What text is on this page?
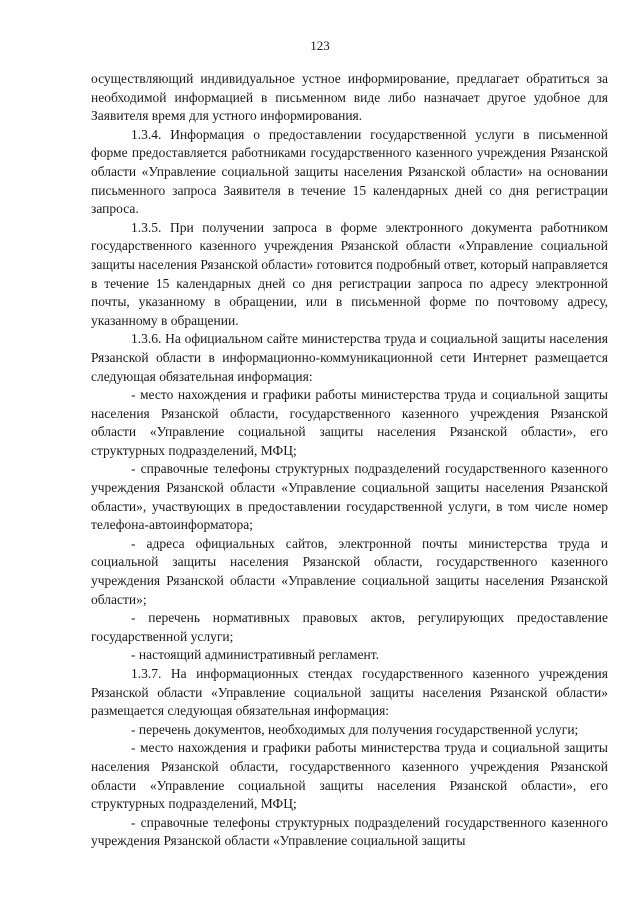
123

осуществляющий индивидуальное устное информирование, предлагает обратиться за необходимой информацией в письменном виде либо назначает другое удобное для Заявителя время для устного информирования.

1.3.4. Информация о предоставлении государственной услуги в письменной форме предоставляется работниками государственного казенного учреждения Рязанской области «Управление социальной защиты населения Рязанской области» на основании письменного запроса Заявителя в течение 15 календарных дней со дня регистрации запроса.

1.3.5. При получении запроса в форме электронного документа работником государственного казенного учреждения Рязанской области «Управление социальной защиты населения Рязанской области» готовится подробный ответ, который направляется в течение 15 календарных дней со дня регистрации запроса по адресу электронной почты, указанному в обращении, или в письменной форме по почтовому адресу, указанному в обращении.

1.3.6. На официальном сайте министерства труда и социальной защиты населения Рязанской области в информационно-коммуникационной сети Интернет размещается следующая обязательная информация:

- место нахождения и графики работы министерства труда и социальной защиты населения Рязанской области, государственного казенного учреждения Рязанской области «Управление социальной защиты населения Рязанской области», его структурных подразделений, МФЦ;

- справочные телефоны структурных подразделений государственного казенного учреждения Рязанской области «Управление социальной защиты населения Рязанской области», участвующих в предоставлении государственной услуги, в том числе номер телефона-автоинформатора;

- адреса официальных сайтов, электронной почты министерства труда и социальной защиты населения Рязанской области, государственного казенного учреждения Рязанской области «Управление социальной защиты населения Рязанской области»;

- перечень нормативных правовых актов, регулирующих предоставление государственной услуги;

- настоящий административный регламент.

1.3.7. На информационных стендах государственного казенного учреждения Рязанской области «Управление социальной защиты населения Рязанской области» размещается следующая обязательная информация:

- перечень документов, необходимых для получения государственной услуги;

- место нахождения и графики работы министерства труда и социальной защиты населения Рязанской области, государственного казенного учреждения Рязанской области «Управление социальной защиты населения Рязанской области», его структурных подразделений, МФЦ;

- справочные телефоны структурных подразделений государственного казенного учреждения Рязанской области «Управление социальной защиты
